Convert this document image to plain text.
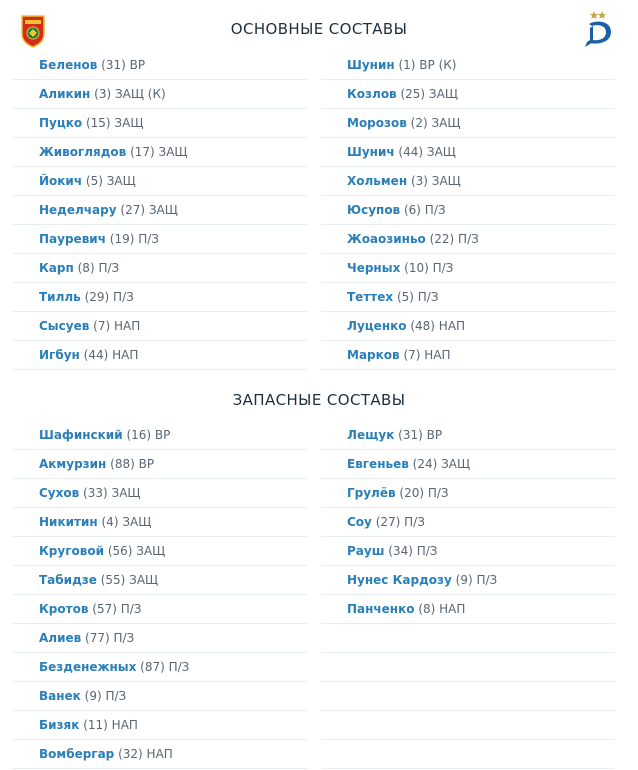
ОСНОВНЫЕ СОСТАВЫ
Беленов (31) ВР
Аликин (3) ЗАЩ (К)
Пуцко (15) ЗАЩ
Живоглядов (17) ЗАЩ
Йокич (5) ЗАЩ
Неделчару (27) ЗАЩ
Пауревич (19) П/З
Карп (8) П/З
Тилль (29) П/З
Сысуев (7) НАП
Игбун (44) НАП
Шунин (1) ВР (К)
Козлов (25) ЗАЩ
Морозов (2) ЗАЩ
Шунич (44) ЗАЩ
Хольмен (3) ЗАЩ
Юсупов (6) П/З
Жоаозиньо (22) П/З
Черных (10) П/З
Теттех (5) П/З
Луценко (48) НАП
Марков (7) НАП
ЗАПАСНЫЕ СОСТАВЫ
Шафинский (16) ВР
Акмурзин (88) ВР
Сухов (33) ЗАЩ
Никитин (4) ЗАЩ
Круговой (56) ЗАЩ
Табидзе (55) ЗАЩ
Кротов (57) П/З
Алиев (77) П/З
Безденежных (87) П/З
Ванек (9) П/З
Бизяк (11) НАП
Вомбергар (32) НАП
Лещук (31) ВР
Евгеньев (24) ЗАЩ
Грулёв (20) П/З
Соу (27) П/З
Рауш (34) П/З
Нунес Кардозу (9) П/З
Панченко (8) НАП
